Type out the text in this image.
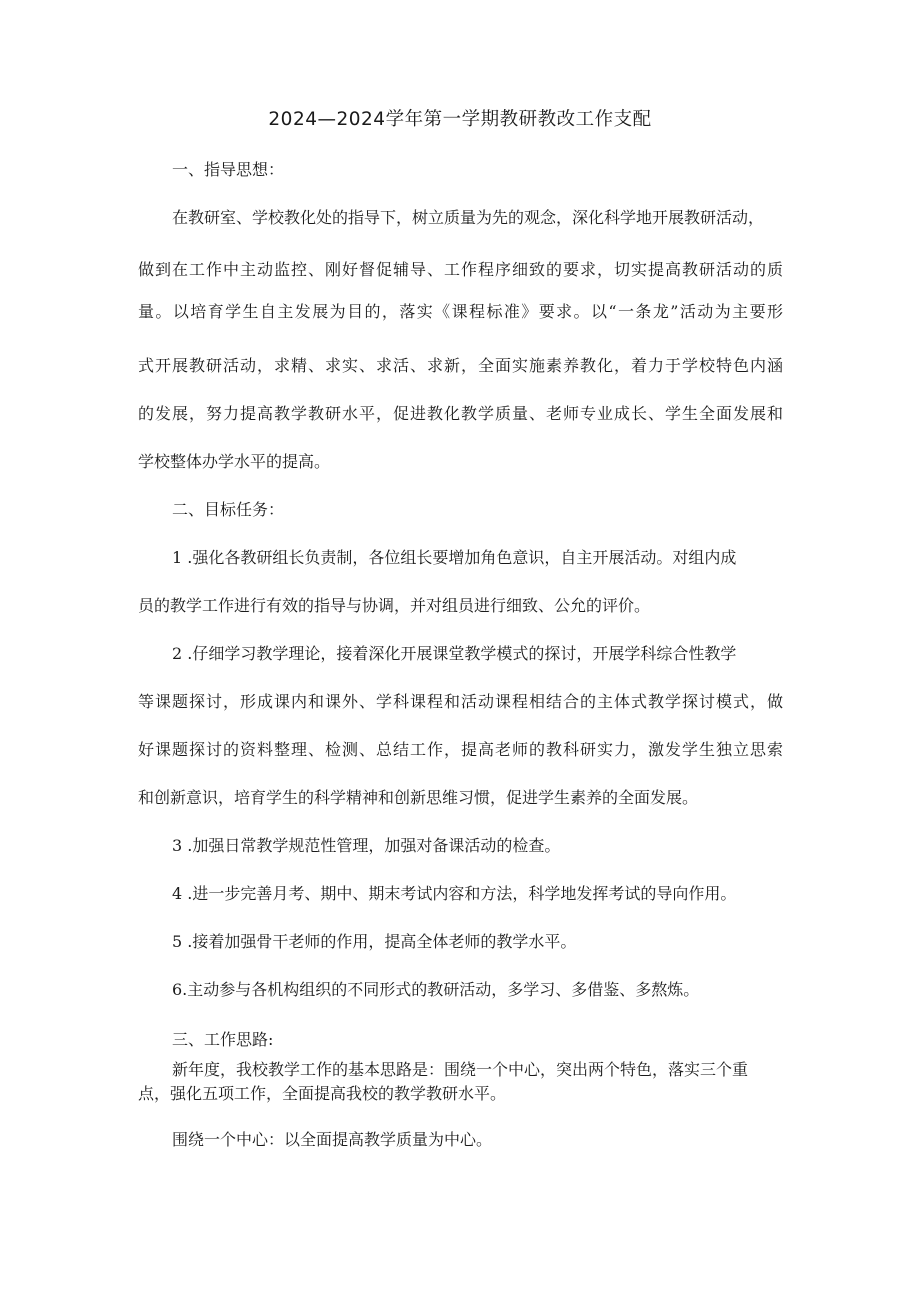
2024—2024学年第一学期教研教改工作支配
一、指导思想：
在教研室、学校教化处的指导下，树立质量为先的观念，深化科学地开展教研活动，
做到在工作中主动监控、刚好督促辅导、工作程序细致的要求，切实提高教研活动的质
量。以培育学生自主发展为目的，落实《课程标准》要求。以“一条龙”活动为主要形
式开展教研活动，求精、求实、求活、求新，全面实施素养教化，着力于学校特色内涵
的发展，努力提高教学教研水平，促进教化教学质量、老师专业成长、学生全面发展和
学校整体办学水平的提高。
二、目标任务：
1 .强化各教研组长负责制，各位组长要增加角色意识，自主开展活动。对组内成
员的教学工作进行有效的指导与协调，并对组员进行细致、公允的评价。
2 .仔细学习教学理论，接着深化开展课堂教学模式的探讨，开展学科综合性教学
等课题探讨，形成课内和课外、学科课程和活动课程相结合的主体式教学探讨模式，做
好课题探讨的资料整理、检测、总结工作，提高老师的教科研实力，激发学生独立思索
和创新意识，培育学生的科学精神和创新思维习惯，促进学生素养的全面发展。
3 .加强日常教学规范性管理，加强对备课活动的检查。
4 .进一步完善月考、期中、期末考试内容和方法，科学地发挥考试的导向作用。
5 .接着加强骨干老师的作用，提高全体老师的教学水平。
6.主动参与各机构组织的不同形式的教研活动，多学习、多借鉴、多熬炼。
三、工作思路:
新年度，我校教学工作的基本思路是：围绕一个中心，突出两个特色，落实三个重
点，强化五项工作，全面提高我校的教学教研水平。
围绕一个中心：以全面提高教学质量为中心。
